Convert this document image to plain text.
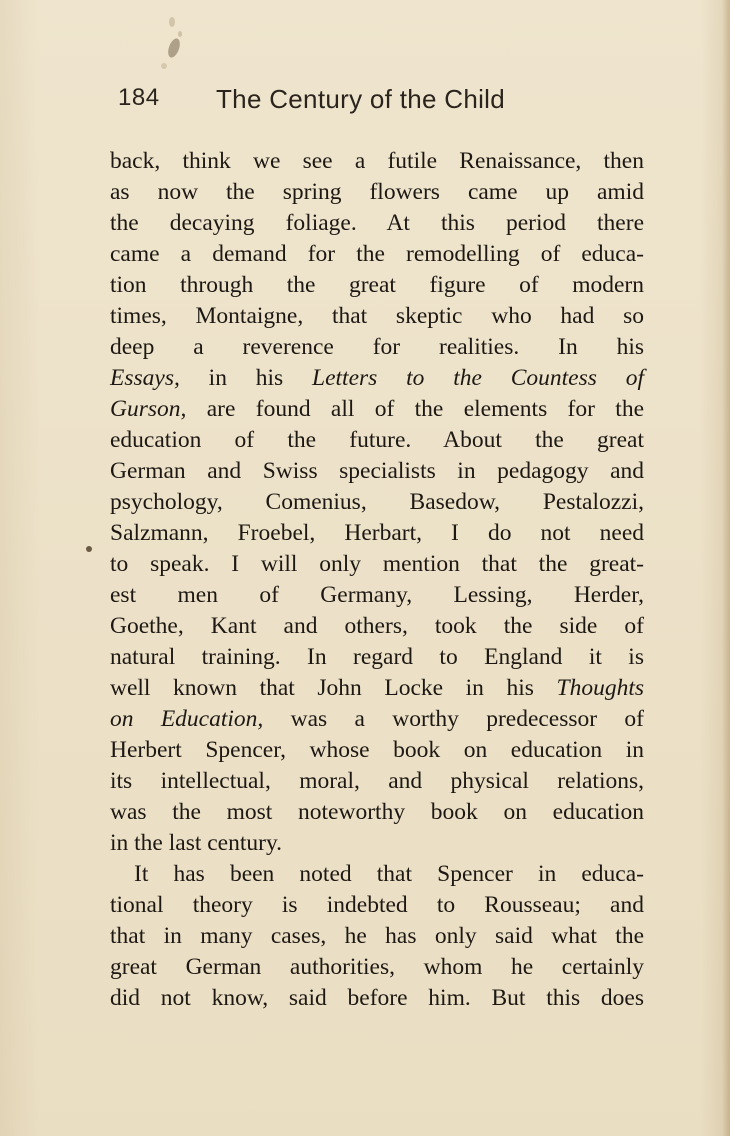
184 The Century of the Child
back, think we see a futile Renaissance, then
as now the spring flowers came up amid
the decaying foliage. At this period there
came a demand for the remodelling of educa-
tion through the great figure of modern
times, Montaigne, that skeptic who had so
deep a reverence for realities. In his
Essays, in his Letters to the Countess of
Gurson, are found all of the elements for the
education of the future. About the great
German and Swiss specialists in pedagogy and
psychology, Comenius, Basedow, Pestalozzi,
Salzmann, Froebel, Herbart, I do not need
to speak. I will only mention that the great-
est men of Germany, Lessing, Herder,
Goethe, Kant and others, took the side of
natural training. In regard to England it is
well known that John Locke in his Thoughts
on Education, was a worthy predecessor of
Herbert Spencer, whose book on education in
its intellectual, moral, and physical relations,
was the most noteworthy book on education
in the last century.
It has been noted that Spencer in educa-
tional theory is indebted to Rousseau; and
that in many cases, he has only said what the
great German authorities, whom he certainly
did not know, said before him. But this does
